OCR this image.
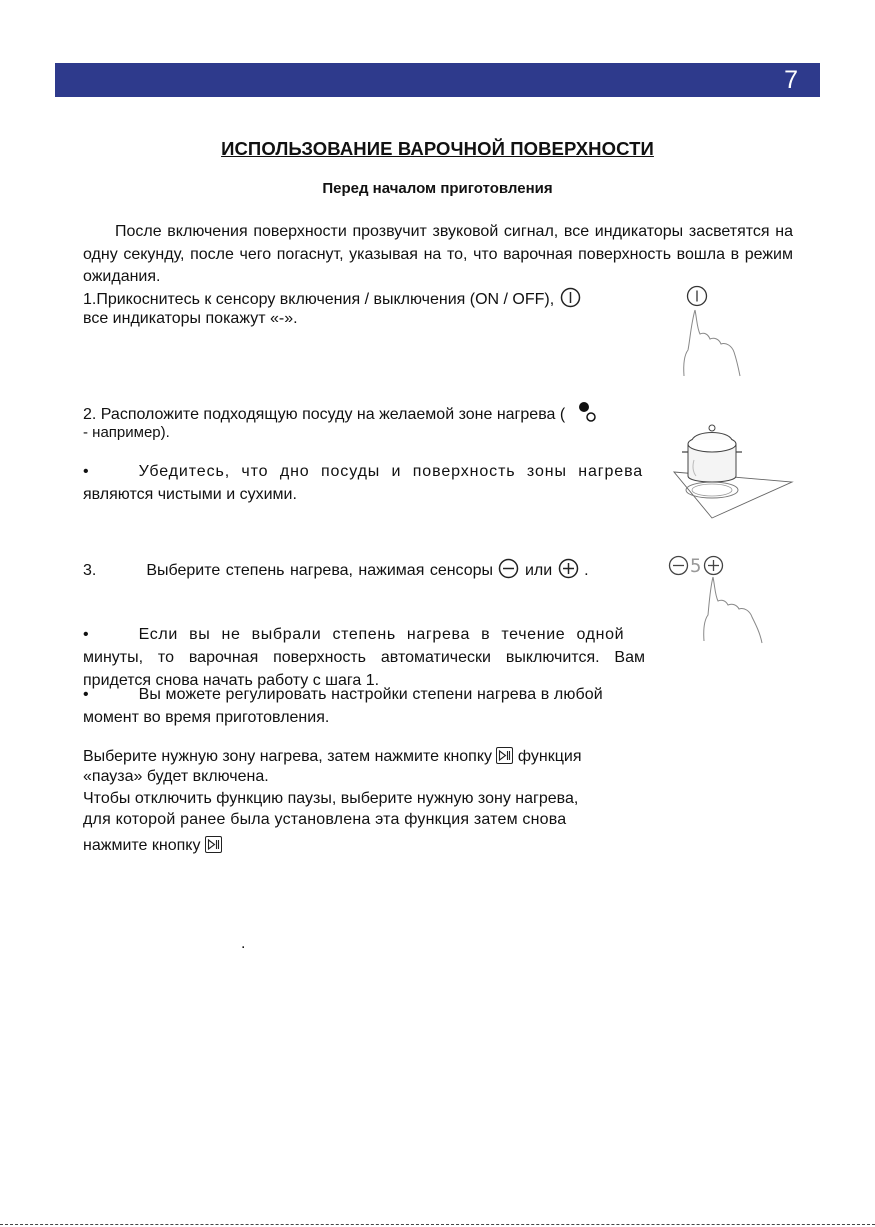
7
ИСПОЛЬЗОВАНИЕ ВАРОЧНОЙ ПОВЕРХНОСТИ
Перед началом приготовления
После включения поверхности прозвучит звуковой сигнал, все индикаторы засветятся на одну секунду, после чего погаснут, указывая на то, что варочная поверхность вошла в режим ожидания.
1.Прикоснитесь к сенсору включения / выключения (ON / OFF),
все индикаторы покажут «-».
2. Расположите подходящую посуду на желаемой зоне нагрева (
- например).
•	Убедитесь, что дно посуды и поверхность зоны нагрева
являются чистыми и сухими.
3.	Выберите степень нагрева, нажимая сенсоры или .	5
•	Если вы не выбрали степень нагрева в течение одной
минуты, то варочная поверхность автоматически выключится. Вам придется снова начать работу с шага 1.
•	Вы можете регулировать настройки степени нагрева в любой
момент во время приготовления.
Выберите нужную зону нагрева, затем нажмите кнопку функция
«пауза» будет включена.
Чтобы отключить функцию паузы, выберите нужную зону нагрева,
для которой ранее была установлена эта функция затем снова
нажмите кнопку
.
